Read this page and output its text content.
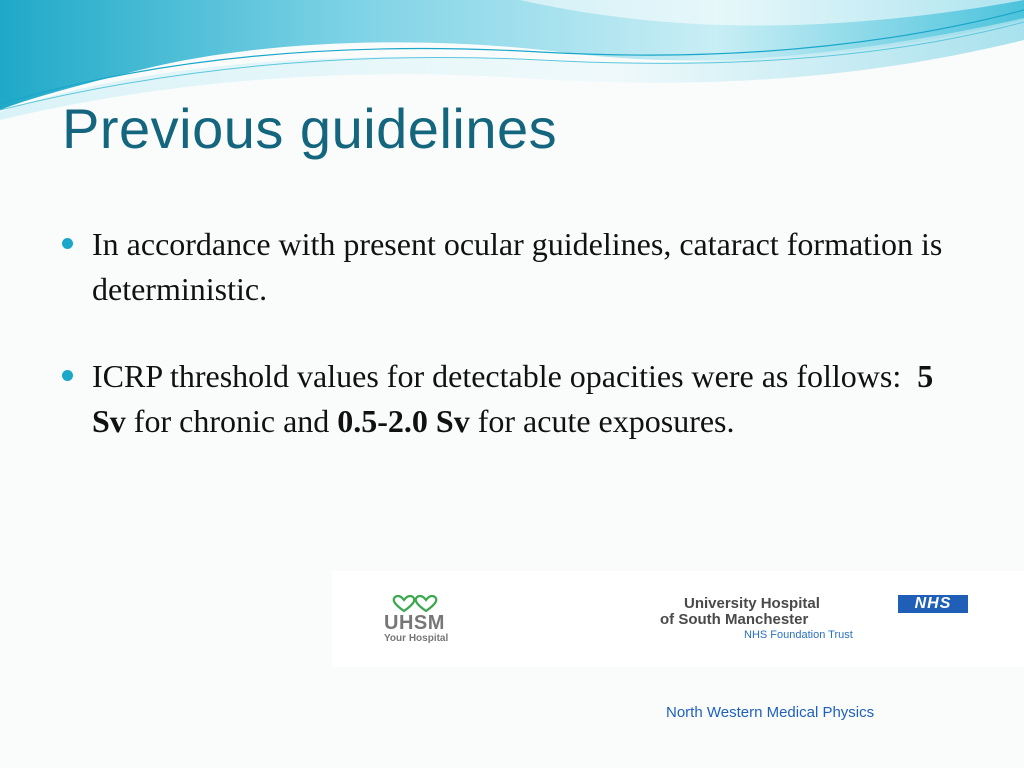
Previous guidelines
In accordance with present ocular guidelines, cataract formation is deterministic.
ICRP threshold values for detectable opacities were as follows:  5 Sv for chronic and 0.5-2.0 Sv for acute exposures.
UHSM
Your Hospital
University Hospital
of South Manchester
NHS Foundation Trust
NHS
North Western Medical Physics
